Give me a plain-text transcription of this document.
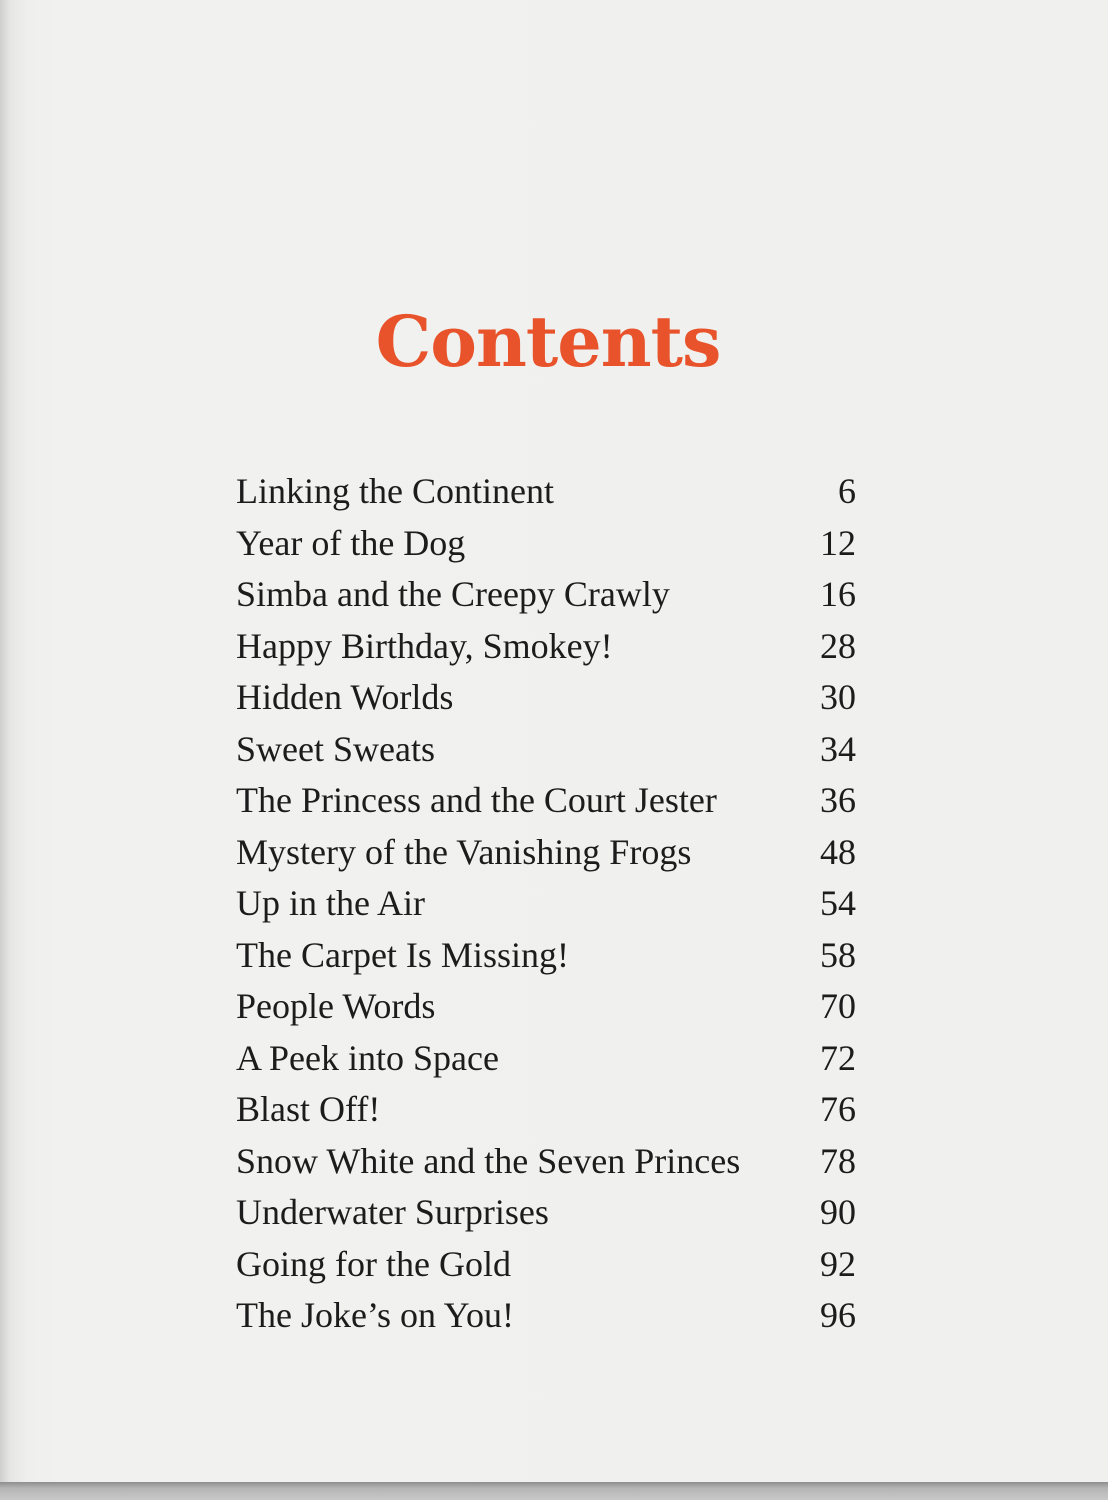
Contents
Linking the Continent	6
Year of the Dog	12
Simba and the Creepy Crawly	16
Happy Birthday, Smokey!	28
Hidden Worlds	30
Sweet Sweats	34
The Princess and the Court Jester	36
Mystery of the Vanishing Frogs	48
Up in the Air	54
The Carpet Is Missing!	58
People Words	70
A Peek into Space	72
Blast Off!	76
Snow White and the Seven Princes 78
Underwater Surprises	90
Going for the Gold	92
The Joke’s on You!	96
